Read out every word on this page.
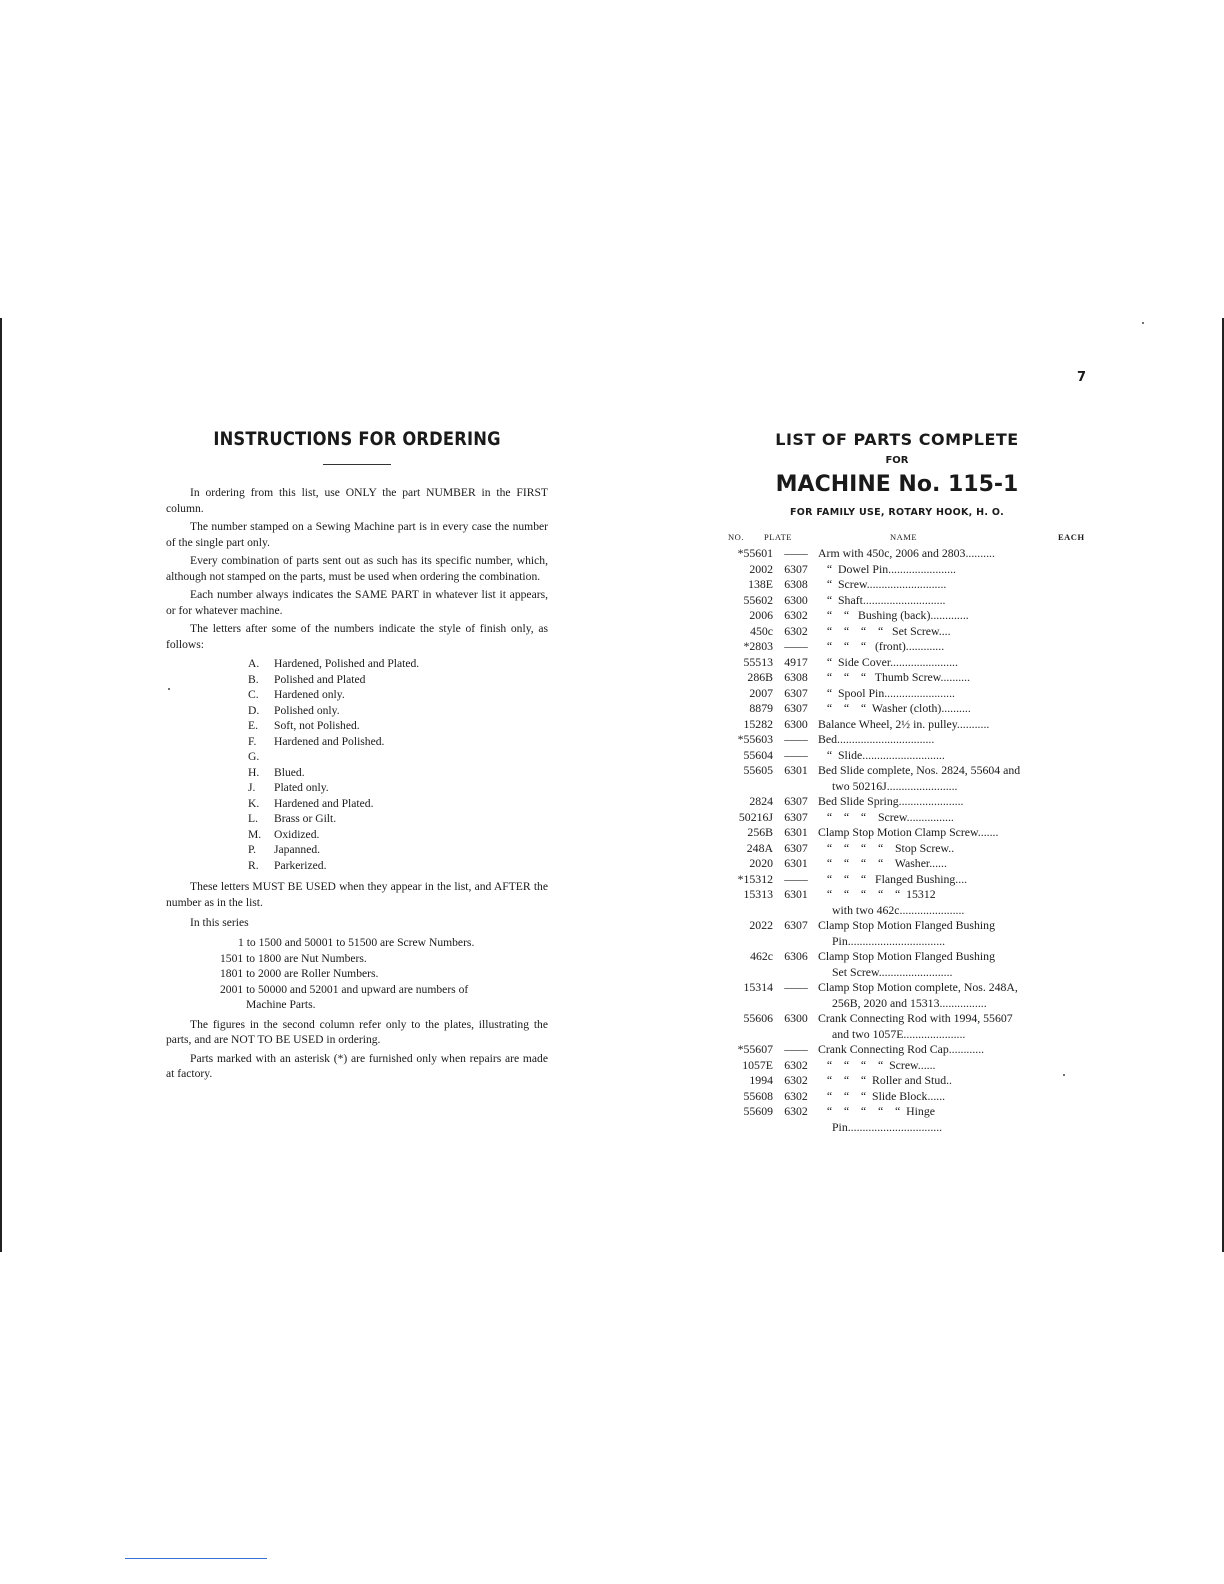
INSTRUCTIONS FOR ORDERING

In ordering from this list, use ONLY the part NUMBER in the FIRST column.

The number stamped on a Sewing Machine part is in every case the number of the single part only.

Every combination of parts sent out as such has its specific number, which, although not stamped on the parts, must be used when ordering the combination.

Each number always indicates the SAME PART in whatever list it appears, or for whatever machine.

The letters after some of the numbers indicate the style of finish only, as follows:

A.	Hardened, Polished and Plated.
B.	Polished and Plated
C.	Hardened only.
D.	Polished only.
E.	Soft, not Polished.
F.	Hardened and Polished.
G.
H.	Blued.
J.	Plated only.
K.	Hardened and Plated.
L.	Brass or Gilt.
M.	Oxidized.
P.	Japanned.
R.	Parkerized.

These letters MUST BE USED when they appear in the list, and AFTER the number as in the list.

In this series
1 to 1500 and 50001 to 51500 are Screw Numbers.
1501 to 1800 are Nut Numbers.
1801 to 2000 are Roller Numbers.
2001 to 50000 and 52001 and upward are numbers of
Machine Parts.

The figures in the second column refer only to the plates, illustrating the parts, and are NOT TO BE USED in ordering.

Parts marked with an asterisk (*) are furnished only when repairs are made at factory.

7
LIST OF PARTS COMPLETE
FOR
MACHINE No. 115-1
FOR FAMILY USE, ROTARY HOOK, H. O.
NO. PLATE	NAME	EACH
*55601 —— Arm with 450c, 2006 and 2803..........
2002 6307 “  Dowel Pin.......................
138E 6308 “  Screw...........................
55602 6300 “  Shaft............................
2006 6302 “    “   Bushing (back).............
450c 6302 “    “    “    “   Set Screw....
*2803 —— “    “    “   (front).............
55513 4917 “  Side Cover.......................
286B 6308 “    “    “   Thumb Screw..........
2007 6307 “  Spool Pin........................
8879 6307 “    “    “  Washer (cloth)..........
15282 6300 Balance Wheel, 2½ in. pulley...........
*55603 —— Bed.................................
55604 —— “  Slide............................
55605 6301 Bed Slide complete, Nos. 2824, 55604 and
two 50216J........................
2824 6307 Bed Slide Spring......................
50216J 6307 “    “    “    Screw................
256B 6301 Clamp Stop Motion Clamp Screw.......
248A 6307 “    “    “    “    Stop Screw..
2020 6301 “    “    “    “    Washer......
*15312 —— “    “    “   Flanged Bushing....
15313 6301 “    “    “    “    “  15312
with two 462c......................
2022 6307 Clamp Stop Motion Flanged Bushing
Pin.................................
462c 6306 Clamp Stop Motion Flanged Bushing
Set Screw.........................
15314 —— Clamp Stop Motion complete, Nos. 248A,
256B, 2020 and 15313................
55606 6300 Crank Connecting Rod with 1994, 55607
and two 1057E.....................
*55607 —— Crank Connecting Rod Cap............
1057E 6302 “    “    “    “  Screw......
1994 6302 “    “    “  Roller and Stud..
55608 6302 “    “    “  Slide Block......
55609 6302 “    “    “    “    “  Hinge
Pin................................
